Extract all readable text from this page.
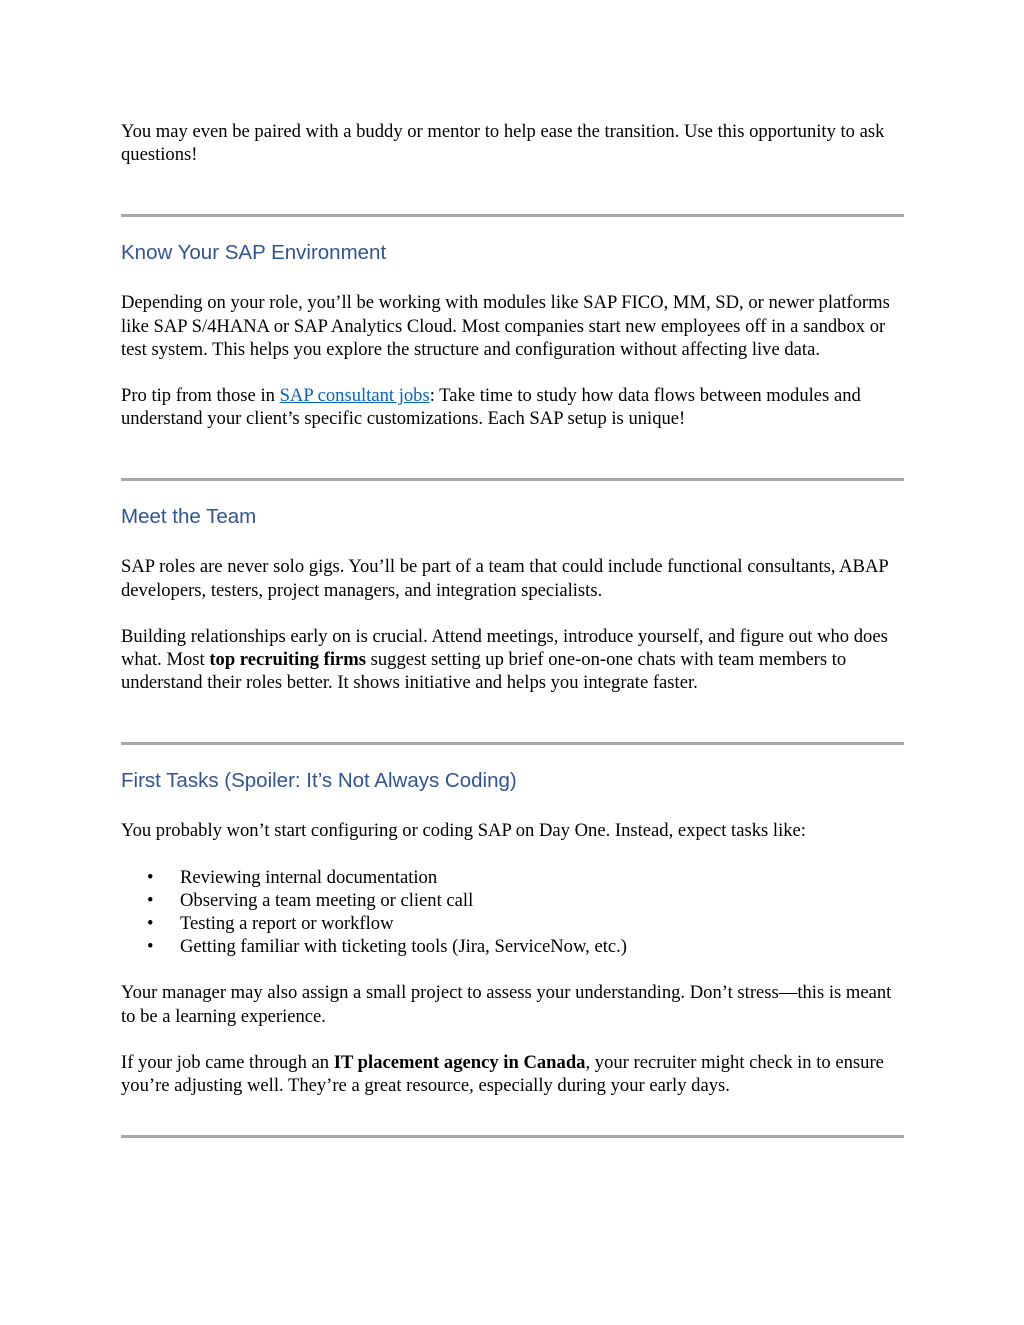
You may even be paired with a buddy or mentor to help ease the transition. Use this opportunity to ask questions!

Know Your SAP Environment

Depending on your role, you’ll be working with modules like SAP FICO, MM, SD, or newer platforms like SAP S/4HANA or SAP Analytics Cloud. Most companies start new employees off in a sandbox or test system. This helps you explore the structure and configuration without affecting live data.

Pro tip from those in SAP consultant jobs: Take time to study how data flows between modules and understand your client’s specific customizations. Each SAP setup is unique!

Meet the Team

SAP roles are never solo gigs. You’ll be part of a team that could include functional consultants, ABAP developers, testers, project managers, and integration specialists.

Building relationships early on is crucial. Attend meetings, introduce yourself, and figure out who does what. Most top recruiting firms suggest setting up brief one-on-one chats with team members to understand their roles better. It shows initiative and helps you integrate faster.

First Tasks (Spoiler: It’s Not Always Coding)

You probably won’t start configuring or coding SAP on Day One. Instead, expect tasks like:

• Reviewing internal documentation
• Observing a team meeting or client call
• Testing a report or workflow
• Getting familiar with ticketing tools (Jira, ServiceNow, etc.)

Your manager may also assign a small project to assess your understanding. Don’t stress—this is meant to be a learning experience.

If your job came through an IT placement agency in Canada, your recruiter might check in to ensure you’re adjusting well. They’re a great resource, especially during your early days.
